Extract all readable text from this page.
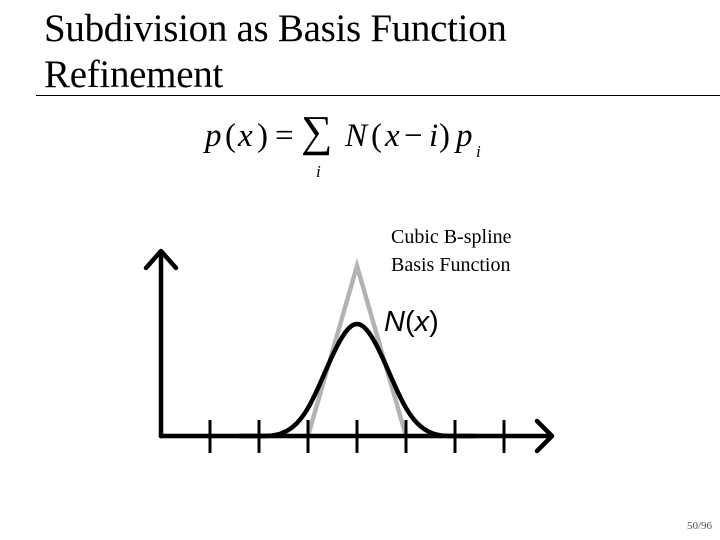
Subdivision as Basis Function
Refinement
p ( x ) = ∑
i
N ( x − i ) p i
Cubic B-spline
Basis Function
N(x)
50/96
